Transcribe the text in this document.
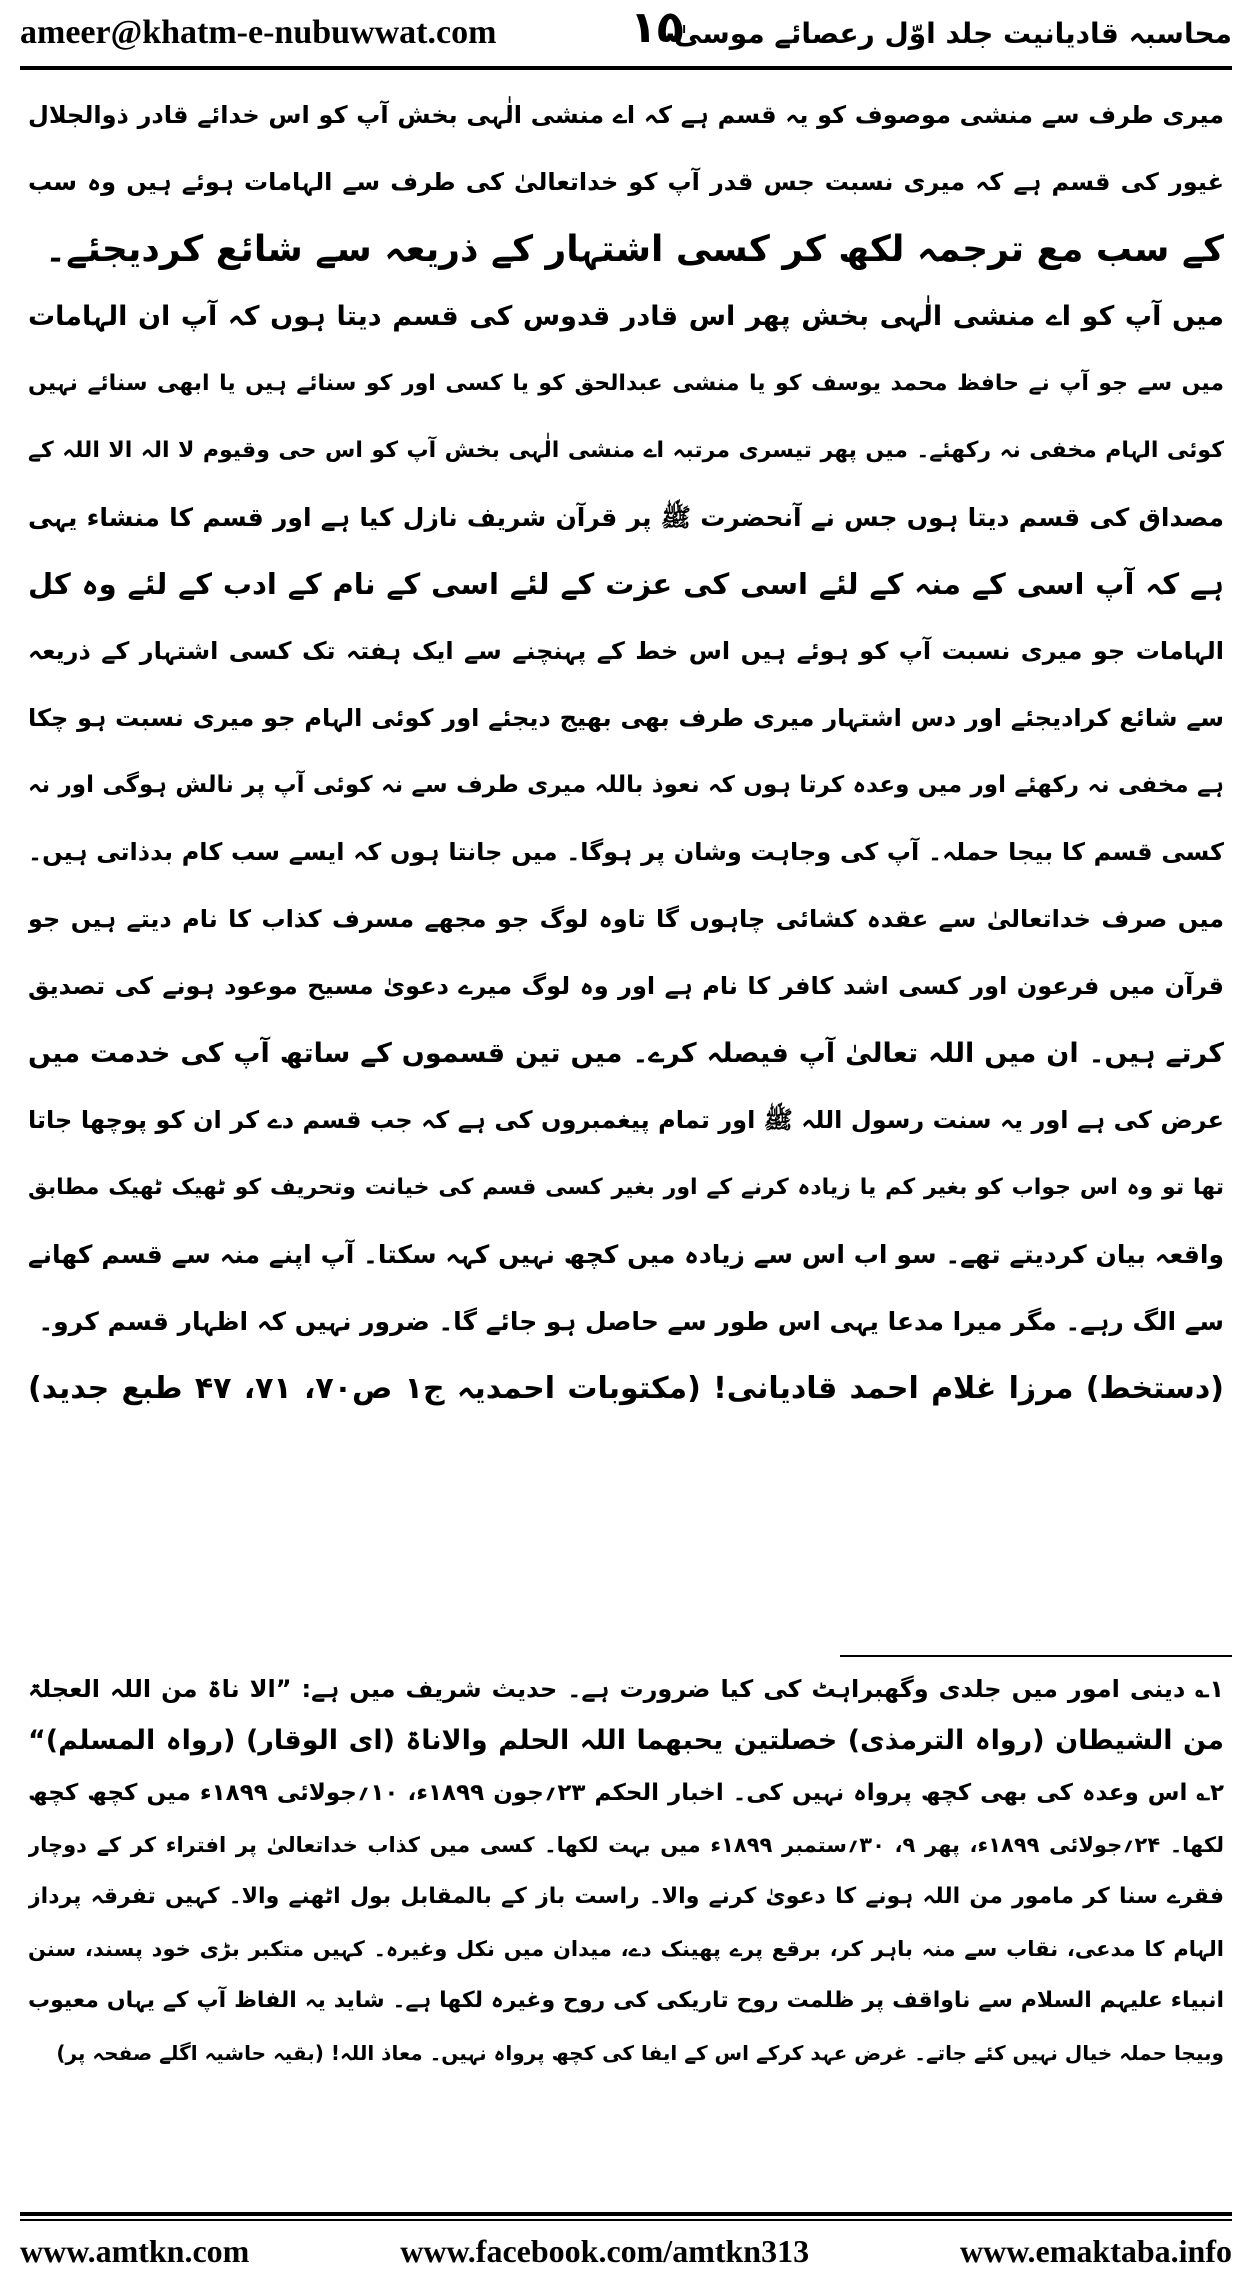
ameer@khatm-e-nubuwwat.com	۱۵
محاسبہ قادیانیت جلد اوّل رعصائے موسیٰ
میری طرف سے منشی موصوف کو یہ قسم ہے کہ اے منشی الٰہی بخش آپ کو اس خدائے قادر ذوالجلال
غیور کی قسم ہے کہ میری نسبت جس قدر آپ کو خداتعالیٰ کی طرف سے الہامات ہوئے ہیں وہ سب
کے سب مع ترجمہ لکھ کر کسی اشتہار کے ذریعہ سے شائع کردیجئے۔
میں آپ کو اے منشی الٰہی بخش پھر اس قادر قدوس کی قسم دیتا ہوں کہ آپ ان الہامات
میں سے جو آپ نے حافظ محمد یوسف کو یا منشی عبدالحق کو یا کسی اور کو سنائے ہیں یا ابھی سنائے نہیں
کوئی الہام مخفی نہ رکھئے۔ میں پھر تیسری مرتبہ اے منشی الٰہی بخش آپ کو اس حی وقیوم لا الہ الا اللہ کے
مصداق کی قسم دیتا ہوں جس نے آنحضرت ﷺ پر قرآن شریف نازل کیا ہے اور قسم کا منشاء یہی
ہے کہ آپ اسی کے منہ کے لئے اسی کی عزت کے لئے اسی کے نام کے ادب کے لئے وہ کل
الہامات جو میری نسبت آپ کو ہوئے ہیں اس خط کے پہنچنے سے ایک ہفتہ تک کسی اشتہار کے ذریعہ
سے شائع کرادیجئے اور دس اشتہار میری طرف بھی بھیج دیجئے اور کوئی الہام جو میری نسبت ہو چکا
ہے مخفی نہ رکھئے اور میں وعدہ کرتا ہوں کہ نعوذ باللہ میری طرف سے نہ کوئی آپ پر نالش ہوگی اور نہ
کسی قسم کا بیجا حملہ۔ آپ کی وجاہت وشان پر ہوگا۔ میں جانتا ہوں کہ ایسے سب کام بدذاتی ہیں۔
میں صرف خداتعالیٰ سے عقدہ کشائی چاہوں گا تاوہ لوگ جو مجھے مسرف کذاب کا نام دیتے ہیں جو
قرآن میں فرعون اور کسی اشد کافر کا نام ہے اور وہ لوگ میرے دعویٰ مسیح موعود ہونے کی تصدیق
کرتے ہیں۔ ان میں اللہ تعالیٰ آپ فیصلہ کرے۔ میں تین قسموں کے ساتھ آپ کی خدمت میں
عرض کی ہے اور یہ سنت رسول اللہ ﷺ اور تمام پیغمبروں کی ہے کہ جب قسم دے کر ان کو پوچھا جاتا
تھا تو وہ اس جواب کو بغیر کم یا زیادہ کرنے کے اور بغیر کسی قسم کی خیانت وتحریف کو ٹھیک ٹھیک مطابق
واقعہ بیان کردیتے تھے۔ سو اب اس سے زیادہ میں کچھ نہیں کہہ سکتا۔ آپ اپنے منہ سے قسم کھانے
سے الگ رہے۔ مگر میرا مدعا یہی اس طور سے حاصل ہو جائے گا۔ ضرور نہیں کہ اظہار قسم کرو۔
(دستخط) مرزا غلام احمد قادیانی! (مکتوبات احمدیہ ج۱ ص۷۰، ۷۱، ۴۷ طبع جدید)
۱؎ دینی امور میں جلدی وگھبراہٹ کی کیا ضرورت ہے۔ حدیث شریف میں ہے: ”الا ناۃ من اللہ العجلۃ
من الشیطان (رواہ الترمذی) خصلتین یحبھما اللہ الحلم والاناۃ (ای الوقار) (رواہ المسلم)“
۲؎ اس وعدہ کی بھی کچھ پرواہ نہیں کی۔ اخبار الحکم ۲۳؍جون ۱۸۹۹ء، ۱۰؍جولائی ۱۸۹۹ء میں کچھ کچھ
لکھا۔ ۲۴؍جولائی ۱۸۹۹ء، پھر ۹، ۳۰؍ستمبر ۱۸۹۹ء میں بہت لکھا۔ کسی میں کذاب خداتعالیٰ پر افتراء کر کے دوچار
فقرے سنا کر مامور من اللہ ہونے کا دعویٰ کرنے والا۔ راست باز کے بالمقابل بول اٹھنے والا۔ کہیں تفرقہ پرداز
الہام کا مدعی، نقاب سے منہ باہر کر، برقع پرے پھینک دے، میدان میں نکل وغیرہ۔ کہیں متکبر بڑی خود پسند، سنن
انبیاء علیہم السلام سے ناواقف پر ظلمت روح تاریکی کی روح وغیرہ لکھا ہے۔ شاید یہ الفاظ آپ کے یہاں معیوب
وبیجا حملہ خیال نہیں کئے جاتے۔ غرض عہد کرکے اس کے ایفا کی کچھ پرواہ نہیں۔ معاذ اللہ! (بقیہ حاشیہ اگلے صفحہ پر)
www.amtkn.com	www.facebook.com/amtkn313	www.emaktaba.info
